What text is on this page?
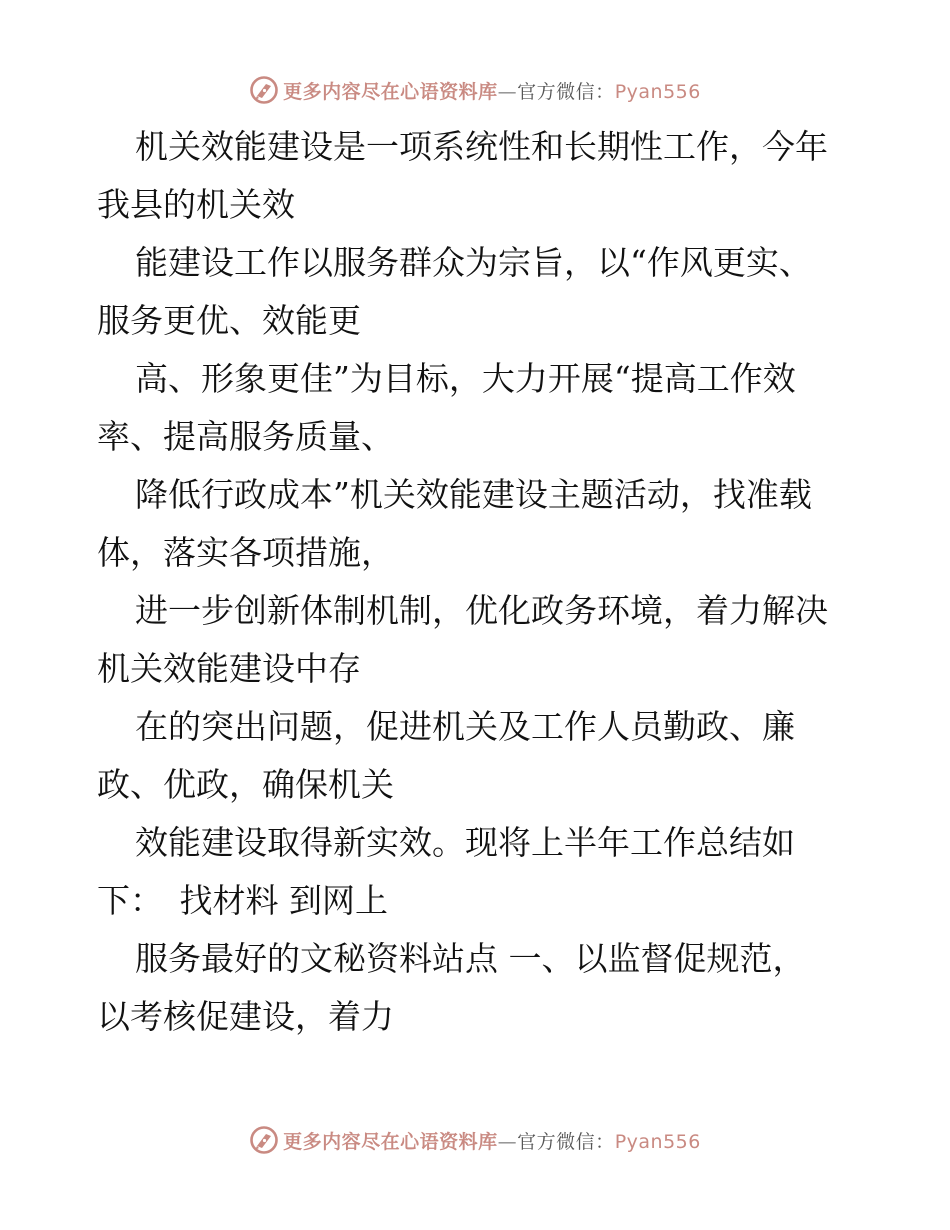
更多内容尽在心语资料库—官方微信：Pyan556
机关效能建设是一项系统性和长期性工作，今年
我县的机关效
能建设工作以服务群众为宗旨，以“作风更实、
服务更优、效能更
高、形象更佳”为目标，大力开展“提高工作效
率、提高服务质量、
降低行政成本”机关效能建设主题活动，找准载
体，落实各项措施，
进一步创新体制机制，优化政务环境，着力解决
机关效能建设中存
在的突出问题，促进机关及工作人员勤政、廉
政、优政，确保机关
效能建设取得新实效。现将上半年工作总结如
下：　找材料 到网上
服务最好的文秘资料站点 一、以监督促规范，
以考核促建设，着力
更多内容尽在心语资料库—官方微信：Pyan556
